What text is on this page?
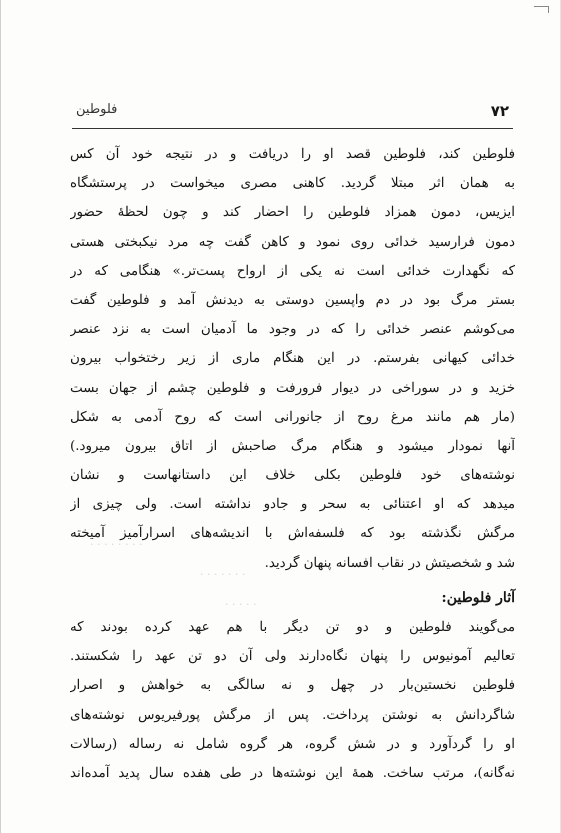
٧٢
فلوطین
· · · · · · · ·
· · · · · · ·
· · · · ·
فلوطین کند، فلوطین قصد او را دریافت و در نتیجه خود آن کس
به همان اثر مبتلا گردید. کاهنی مصری میخواست در پرستشگاه
ایزیس، دمون همزاد فلوطین را احضار کند و چون لحظهٔ حضور
دمون فرارسید خدائی روی نمود و کاهن گفت چه مرد نیکبختی هستی
که نگهدارت خدائی است نه یکی از ارواح پست‌تر.» هنگامی که در
بستر مرگ بود در دم واپسین دوستی به دیدنش آمد و فلوطین گفت
می‌کوشم عنصر خدائی را که در وجود ما آدمیان است به نزد عنصر
خدائی کیهانی بفرستم. در این هنگام ماری از زیر رختخواب بیرون
خزید و در سوراخی در دیوار فرورفت و فلوطین چشم از جهان بست
(مار هم مانند مرغ روح از جانورانی است که روح آدمی به شکل
آنها نمودار میشود و هنگام مرگ صاحبش از اتاق بیرون میرود.)
نوشته‌های خود فلوطین بکلی خلاف این داستانهاست و نشان
میدهد که او اعتنائی به سحر و جادو نداشته است. ولی چیزی از
مرگش نگذشته بود که فلسفه‌اش با اندیشه‌های اسرارآمیز آمیخته
شد و شخصیتش در نقاب افسانه پنهان گردید.
آثار فلوطین:
می‌گویند فلوطین و دو تن دیگر با هم عهد کرده بودند که
تعالیم آمونیوس را پنهان نگاه‌دارند ولی آن دو تن عهد را شکستند.
فلوطین نخستین‌بار در چهل و نه سالگی به خواهش و اصرار
شاگردانش به نوشتن پرداخت. پس از مرگش پورفیریوس نوشته‌های
او را گردآورد و در شش گروه، هر گروه شامل نه رساله (رسالات
نه‌گانه)، مرتب ساخت. همهٔ این نوشته‌ها در طی هفده سال پدید آمده‌اند
